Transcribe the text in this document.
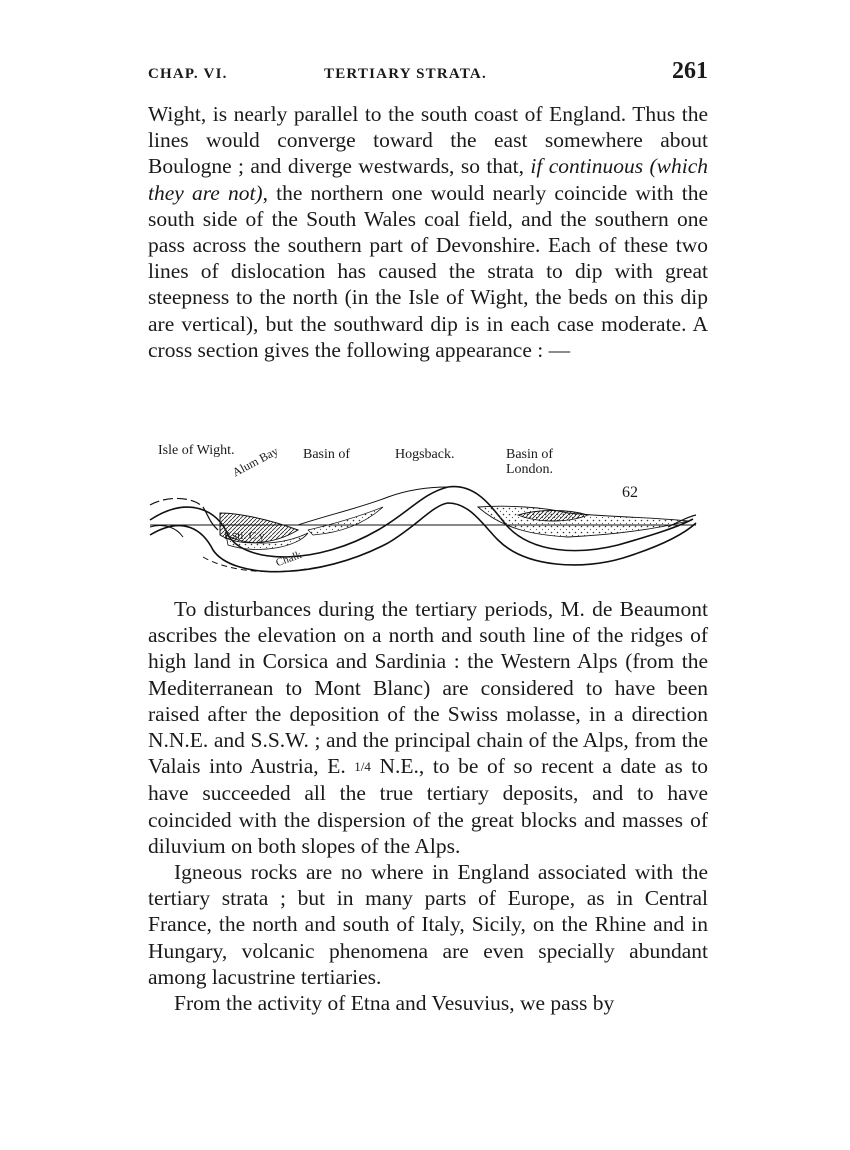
CHAP. VI.	TERTIARY STRATA.	261

Wight, is nearly parallel to the south coast of England. Thus the lines would converge toward the east somewhere about Boulogne ; and diverge westwards, so that, if continuous (which they are not), the northern one would nearly coincide with the south side of the South Wales coal field, and the southern one pass across the southern part of Devonshire. Each of these two lines of dislocation has caused the strata to dip with great steepness to the north (in the Isle of Wight, the beds on this dip are vertical), but the southward dip is in each case moderate. A cross section gives the following appearance : —

Isle of Wight.
Alum Bay Basin of	Hogsback.	Basin of
London.
62
P.ꜱti. C y
Chalk

To disturbances during the tertiary periods, M. de Beaumont ascribes the elevation on a north and south line of the ridges of high land in Corsica and Sardinia : the Western Alps (from the Mediterranean to Mont Blanc) are considered to have been raised after the deposition of the Swiss molasse, in a direction N.N.E. and S.S.W. ; and the principal chain of the Alps, from the Valais into Austria, E. 1/4 N.E., to be of so recent a date as to have succeeded all the true tertiary deposits, and to have coincided with the dispersion of the great blocks and masses of diluvium on both slopes of the Alps.

Igneous rocks are no where in England associated with the tertiary strata ; but in many parts of Europe, as in Central France, the north and south of Italy, Sicily, on the Rhine and in Hungary, volcanic phenomena are even specially abundant among lacustrine tertiaries.

From the activity of Etna and Vesuvius, we pass by
